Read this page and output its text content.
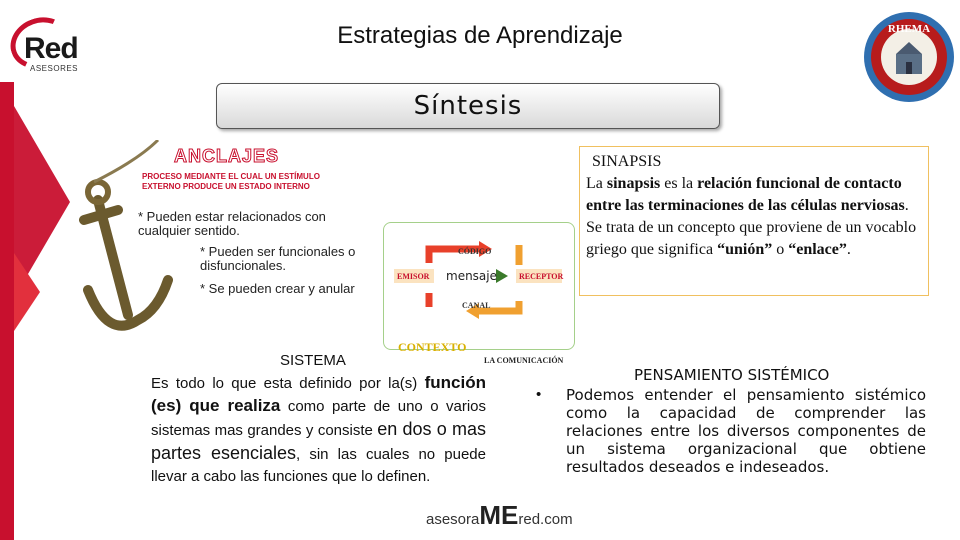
Red
ASESORES
Estrategias de Aprendizaje	RHEMA
Síntesis
ANCLAJES
PROCESO MEDIANTE EL CUAL UN ESTÍMULO
EXTERNO PRODUCE UN ESTADO INTERNO
* Pueden estar relacionados con
cualquier sentido.
* Pueden ser funcionales o
disfuncionales.
* Se pueden crear y anular
CÓDIGO
EMISOR mensaje	RECEPTOR
CANAL
CONTEXTO
LA COMUNICACIÓN
SINAPSIS
La sinapsis es la relación funcional de contacto entre las terminaciones de las células nerviosas. Se trata de un concepto que proviene de un vocablo griego que significa “unión” o “enlace”.
SISTEMA
Es todo lo que esta definido por la(s) función (es) que realiza como parte de uno o varios sistemas mas grandes y consiste en dos o mas partes esenciales, sin las cuales no puede llevar a cabo las funciones que lo definen.
PENSAMIENTO SISTÉMICO
• Podemos entender el pensamiento sistémico como la capacidad de comprender las relaciones entre los diversos componentes de un sistema organizacional que obtiene resultados deseados e indeseados.
asesoraMEred.com
